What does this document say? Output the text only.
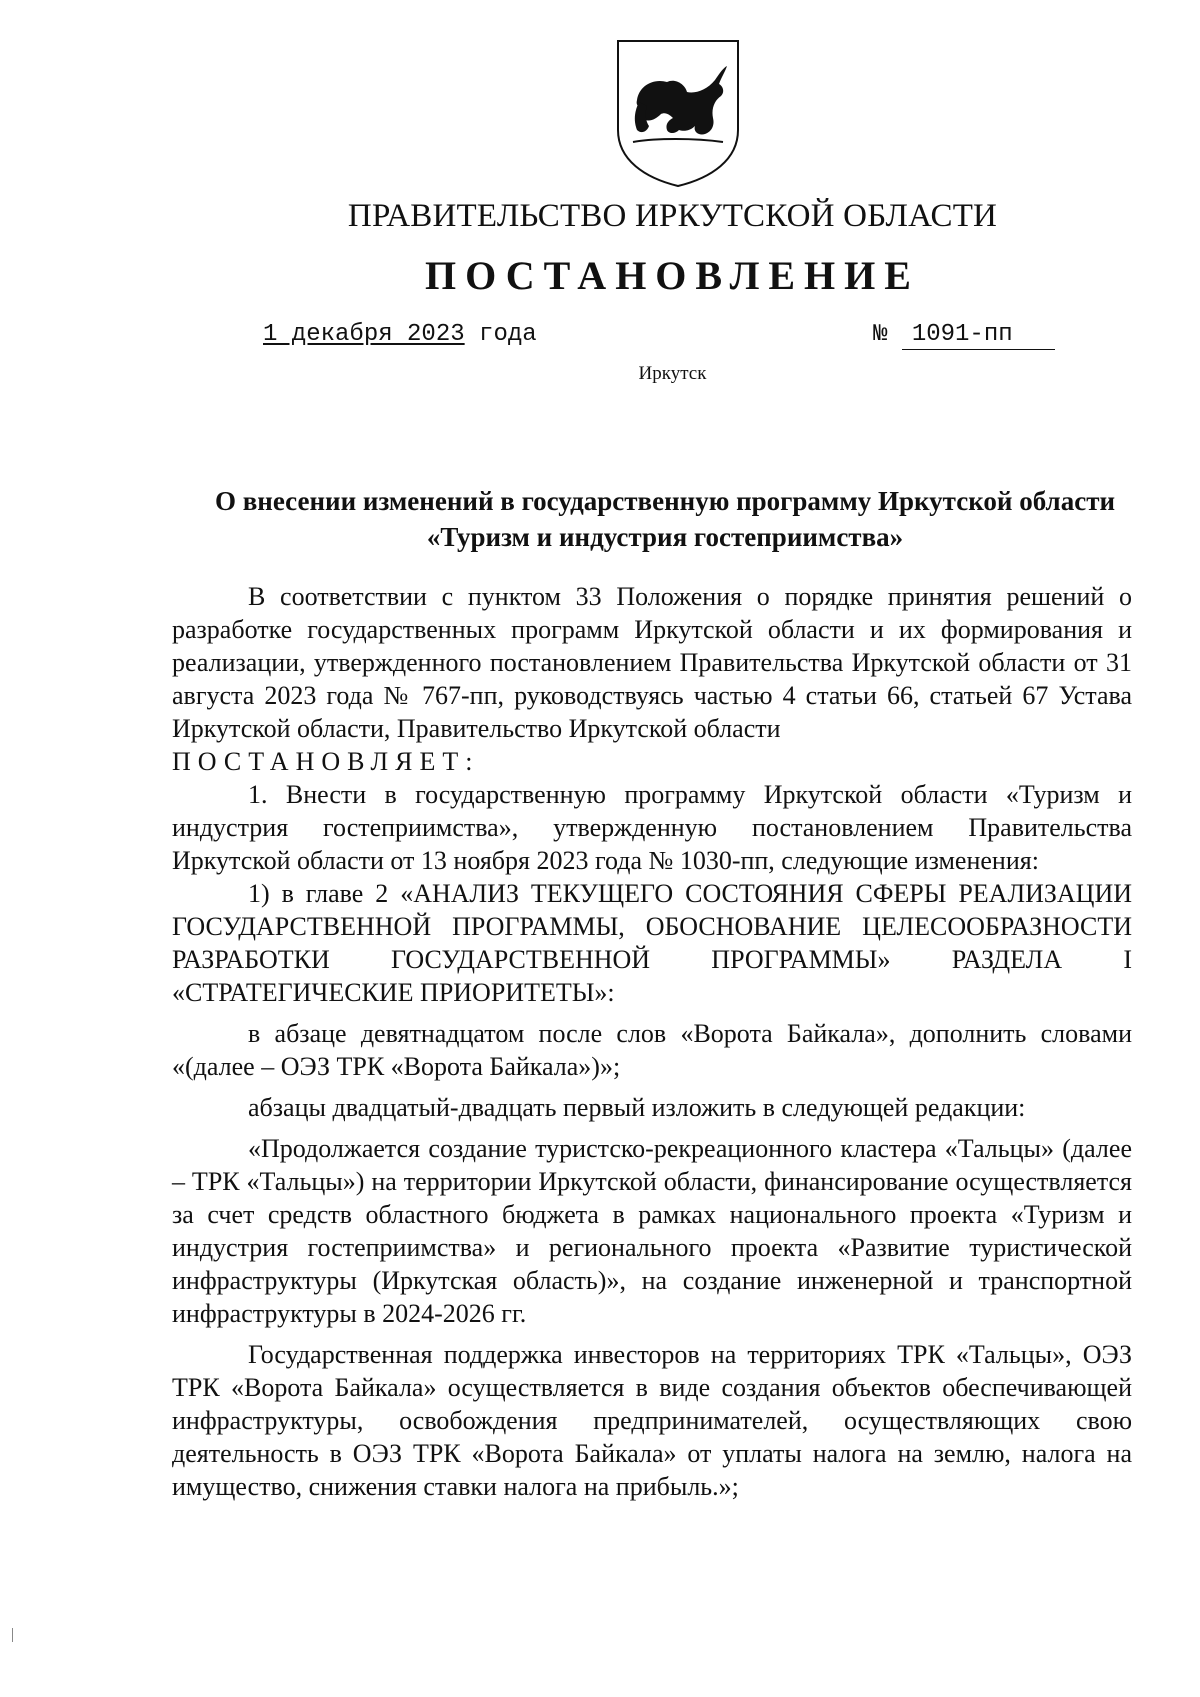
ПРАВИТЕЛЬСТВО ИРКУТСКОЙ ОБЛАСТИ
ПОСТАНОВЛЕНИЕ
1 декабря 2023 года	№ 1091-пп
Иркутск
О внесении изменений в государственную программу Иркутской области
«Туризм и индустрия гостеприимства»

В соответствии с пунктом 33 Положения о порядке принятия решений о разработке государственных программ Иркутской области и их формирования и реализации, утвержденного постановлением Правительства Иркутской области от 31 августа 2023 года № 767-пп, руководствуясь частью 4 статьи 66, статьей 67 Устава Иркутской области, Правительство Иркутской области

ПОСТАНОВЛЯЕТ:

1. Внести в государственную программу Иркутской области «Туризм и индустрия гостеприимства», утвержденную постановлением Правительства Иркутской области от 13 ноября 2023 года № 1030-пп, следующие изменения:

1) в главе 2 «АНАЛИЗ ТЕКУЩЕГО СОСТОЯНИЯ СФЕРЫ РЕАЛИЗАЦИИ ГОСУДАРСТВЕННОЙ ПРОГРАММЫ, ОБОСНОВАНИЕ ЦЕЛЕСООБРАЗНОСТИ РАЗРАБОТКИ ГОСУДАРСТВЕННОЙ ПРОГРАММЫ» РАЗДЕЛА I «СТРАТЕГИЧЕСКИЕ ПРИОРИТЕТЫ»:

в абзаце девятнадцатом после слов «Ворота Байкала», дополнить словами «(далее – ОЭЗ ТРК «Ворота Байкала»)»;

абзацы двадцатый-двадцать первый изложить в следующей редакции:

«Продолжается создание туристско-рекреационного кластера «Тальцы» (далее – ТРК «Тальцы») на территории Иркутской области, финансирование осуществляется за счет средств областного бюджета в рамках национального проекта «Туризм и индустрия гостеприимства» и регионального проекта «Развитие туристической инфраструктуры (Иркутская область)», на создание инженерной и транспортной инфраструктуры в 2024-2026 гг.

Государственная поддержка инвесторов на территориях ТРК «Тальцы», ОЭЗ ТРК «Ворота Байкала» осуществляется в виде создания объектов обеспечивающей инфраструктуры, освобождения предпринимателей, осуществляющих свою деятельность в ОЭЗ ТРК «Ворота Байкала» от уплаты налога на землю, налога на имущество, снижения ставки налога на прибыль.»;
